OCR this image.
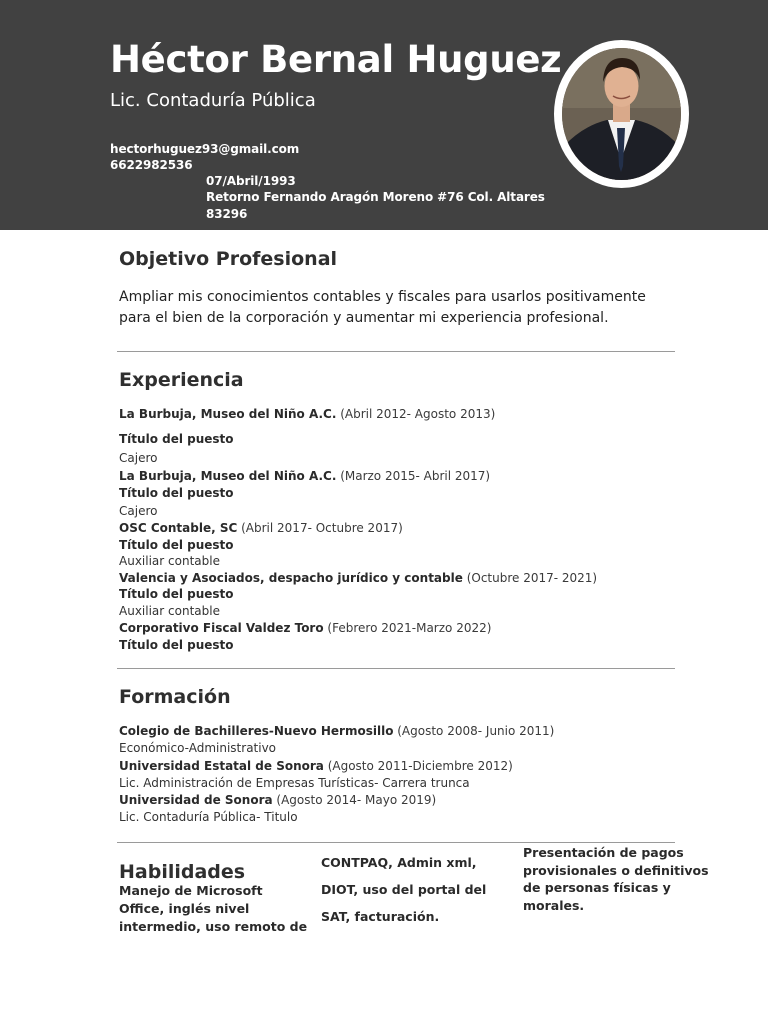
Héctor Bernal Huguez
Lic. Contaduría Pública
hectorhuguez93@gmail.com
6622982536
07/Abril/1993
Retorno Fernando Aragón Moreno #76 Col. Altares
83296
Objetivo Profesional
Ampliar mis conocimientos contables y fiscales para usarlos positivamente para el bien de la corporación y aumentar mi experiencia profesional.
Experiencia
La Burbuja, Museo del Niño A.C. (Abril 2012- Agosto 2013)
Título del puesto
Cajero
La Burbuja, Museo del Niño A.C. (Marzo 2015- Abril 2017)
Título del puesto
Cajero
OSC Contable, SC (Abril 2017- Octubre 2017)
Título del puesto
Auxiliar contable
Valencia y Asociados, despacho jurídico y contable (Octubre 2017- 2021)
Título del puesto
Auxiliar contable
Corporativo Fiscal Valdez Toro (Febrero 2021-Marzo 2022)
Título del puesto
Formación
Colegio de Bachilleres-Nuevo Hermosillo (Agosto 2008- Junio 2011)
Económico-Administrativo
Universidad Estatal de Sonora (Agosto 2011-Diciembre 2012)
Lic. Administración de Empresas Turísticas- Carrera trunca
Universidad de Sonora (Agosto 2014- Mayo 2019)
Lic. Contaduría Pública- Titulo
Habilidades
Manejo de Microsoft
Office, inglés nivel
intermedio, uso remoto de
CONTPAQ, Admin xml,
DIOT, uso del portal del
SAT, facturación.
Presentación de pagos
provisionales o definitivos
de personas físicas y
morales.
